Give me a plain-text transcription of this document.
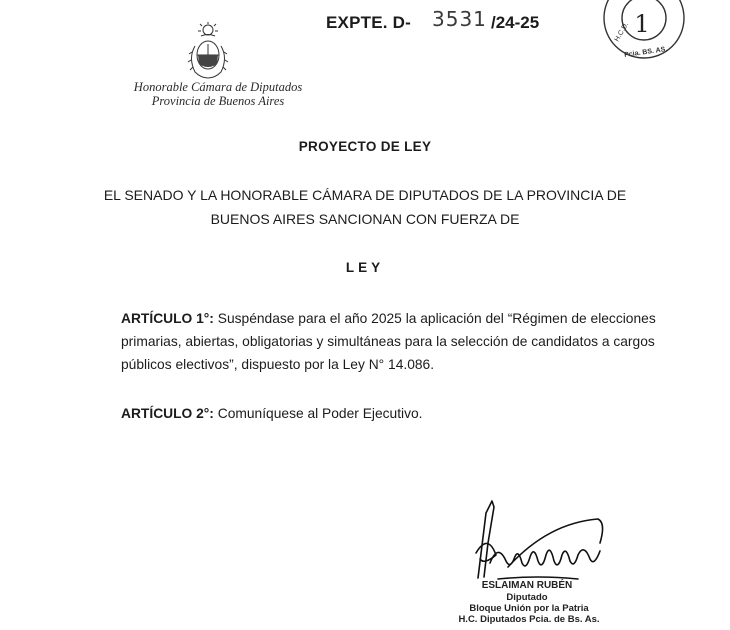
Honorable Cámara de Diputados
Provincia de Buenos Aires
EXPTE. D- 3531 /24-25	1
H.C.D.
Pcia. BS. AS.
PROYECTO DE LEY
EL SENADO Y LA HONORABLE CÁMARA DE DIPUTADOS DE LA PROVINCIA DE
BUENOS AIRES SANCIONAN CON FUERZA DE
LEY
ARTÍCULO 1°: Suspéndase para el año 2025 la aplicación del “Régimen de elecciones primarias, abiertas, obligatorias y simultáneas para la selección de candidatos a cargos públicos electivos”, dispuesto por la Ley N° 14.086.
ARTÍCULO 2°: Comuníquese al Poder Ejecutivo.
ESLAIMAN RUBÉN
Diputado
Bloque Unión por la Patria
H.C. Diputados Pcia. de Bs. As.
